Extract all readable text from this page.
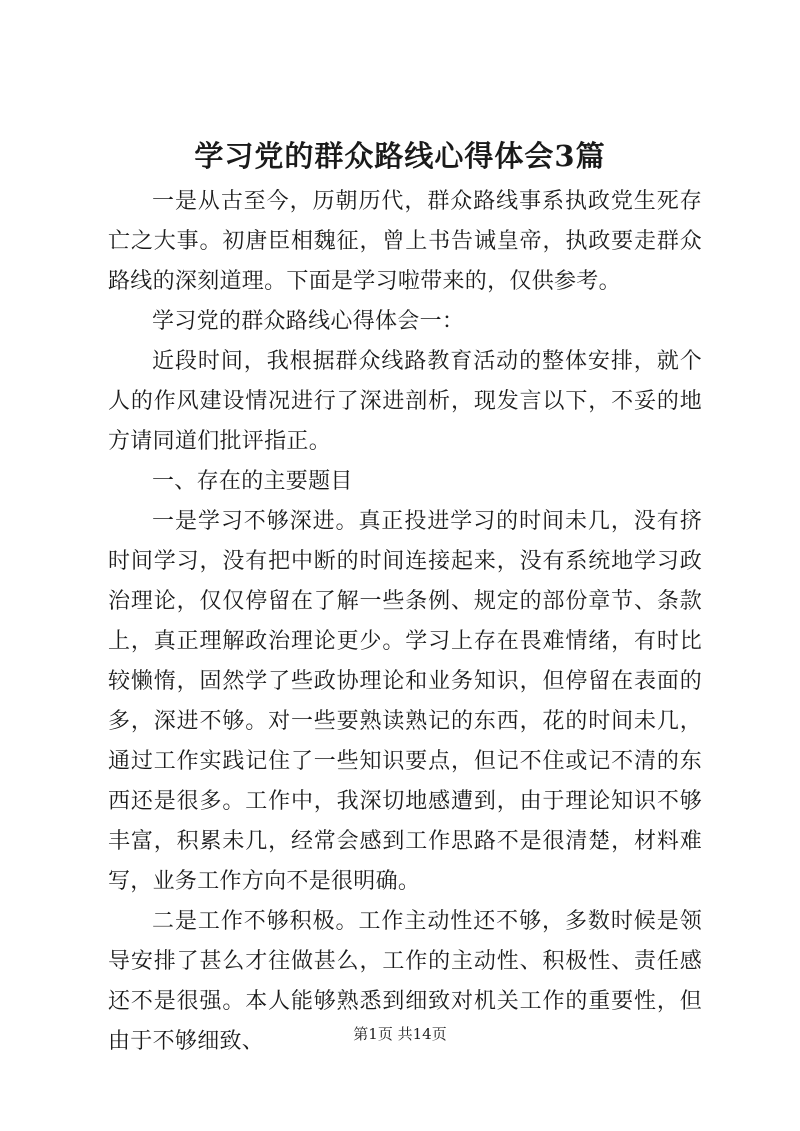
学习党的群众路线心得体会3篇

一是从古至今，历朝历代，群众路线事系执政党生死存亡之大事。初唐臣相魏征，曾上书告诫皇帝，执政要走群众路线的深刻道理。下面是学习啦带来的，仅供参考。

学习党的群众路线心得体会一：

近段时间，我根据群众线路教育活动的整体安排，就个人的作风建设情况进行了深进剖析，现发言以下，不妥的地方请同道们批评指正。

一、存在的主要题目

一是学习不够深进。真正投进学习的时间未几，没有挤时间学习，没有把中断的时间连接起来，没有系统地学习政治理论，仅仅停留在了解一些条例、规定的部份章节、条款上，真正理解政治理论更少。学习上存在畏难情绪，有时比较懒惰，固然学了些政协理论和业务知识，但停留在表面的多，深进不够。对一些要熟读熟记的东西，花的时间未几，通过工作实践记住了一些知识要点，但记不住或记不清的东西还是很多。工作中，我深切地感遭到，由于理论知识不够丰富，积累未几，经常会感到工作思路不是很清楚，材料难写，业务工作方向不是很明确。

二是工作不够积极。工作主动性还不够，多数时候是领导安排了甚么才往做甚么，工作的主动性、积极性、责任感还不是很强。本人能够熟悉到细致对机关工作的重要性，但由于不够细致、	第1页 共14页
